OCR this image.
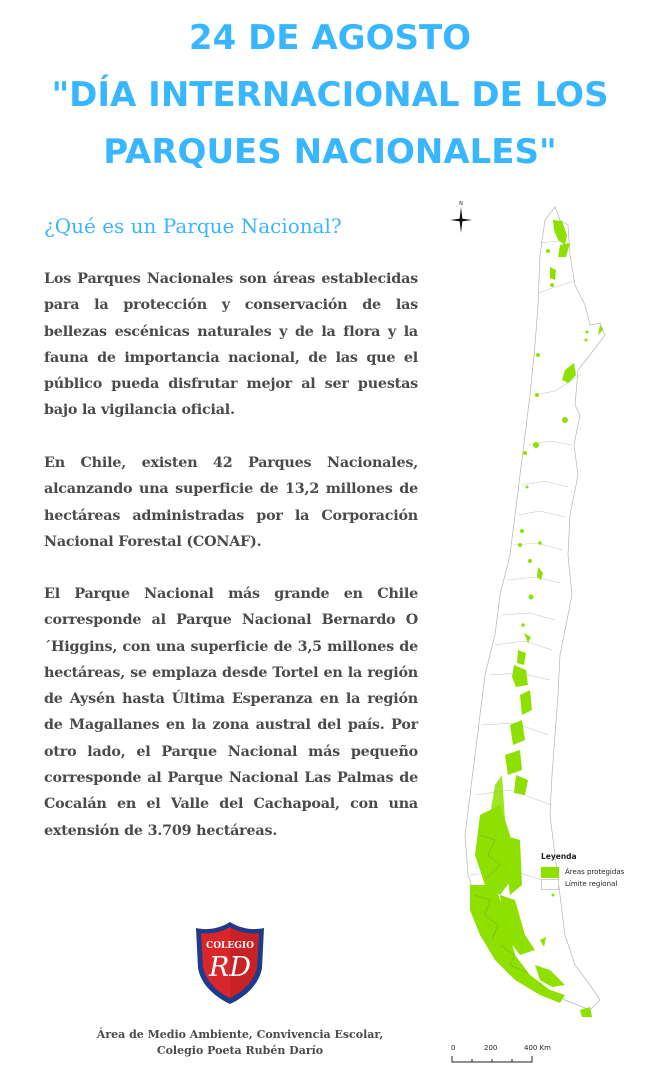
24 DE AGOSTO
"DÍA INTERNACIONAL DE LOS
PARQUES NACIONALES"
¿Qué es un Parque Nacional?
Los Parques Nacionales son áreas establecidas para la protección y conservación de las bellezas escénicas naturales y de la flora y la fauna de importancia nacional, de las que el público pueda disfrutar mejor al ser puestas bajo la vigilancia oficial.
En Chile, existen 42 Parques Nacionales, alcanzando una superficie de 13,2 millones de hectáreas administradas por la Corporación Nacional Forestal (CONAF).
El Parque Nacional más grande en Chile corresponde al Parque Nacional Bernardo O ´Higgins, con una superficie de 3,5 millones de hectáreas, se emplaza desde Tortel en la región de Aysén hasta Última Esperanza en la región de Magallanes en la zona austral del país. Por otro lado, el Parque Nacional más pequeño corresponde al Parque Nacional Las Palmas de Cocalán en el Valle del Cachapoal, con una extensión de 3.709 hectáreas.
COLEGIO
RD
Área de Medio Ambiente, Convivencia Escolar,
Colegio Poeta Rubén Darío
N
Leyenda
Áreas protegidas
Límite regional
0	200	400 Km
